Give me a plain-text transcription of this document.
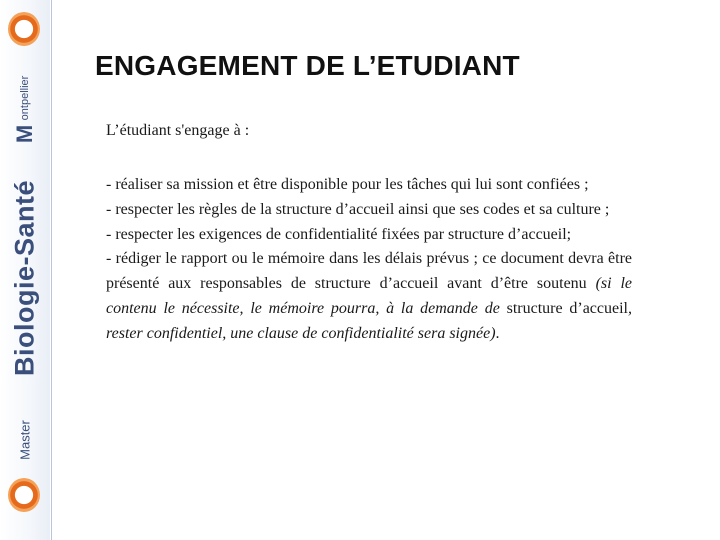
ontpellier
M
Biologie-Santé
Master
ENGAGEMENT DE L’ETUDIANT

L’étudiant s'engage à :

- réaliser sa mission et être disponible pour les tâches qui lui sont confiées ;

- respecter les règles de la structure d’accueil ainsi que ses codes et sa culture ;

- respecter les exigences de confidentialité fixées par structure d’accueil;

- rédiger le rapport ou le mémoire dans les délais prévus ; ce document devra être présenté aux responsables de structure d’accueil avant d’être soutenu (si le contenu le nécessite, le mémoire pourra, à la demande de structure d’accueil, rester confidentiel, une clause de confidentialité sera signée).
